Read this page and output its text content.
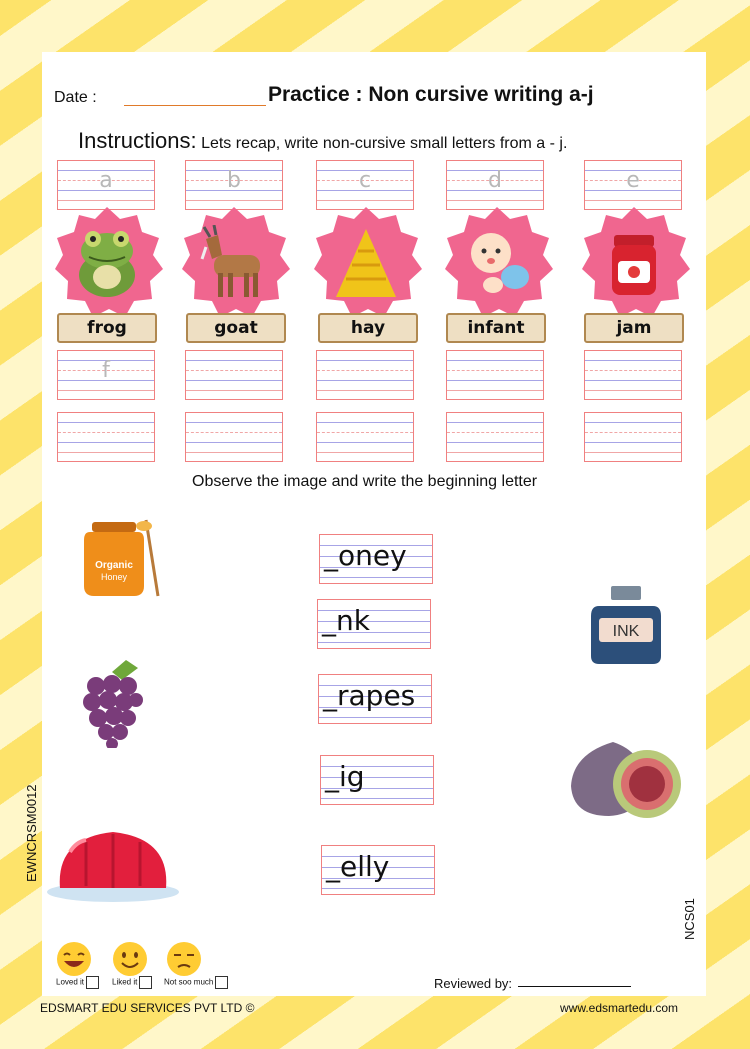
Date :	Practice : Non cursive writing a-j
Instructions: Lets recap, write non-cursive small letters from a - j.
a	b	c	d	e
frog	goat	hay	infant	jam
f
Observe the image and write the beginning letter
Organic
Honey
_oney
_nk
_rapes
_ig
_elly
INK
EWNCRSM0012
NCS01
Loved it	Liked it	Not soo much	Reviewed by:
EDSMART EDU SERVICES PVT LTD ©	www.edsmartedu.com
